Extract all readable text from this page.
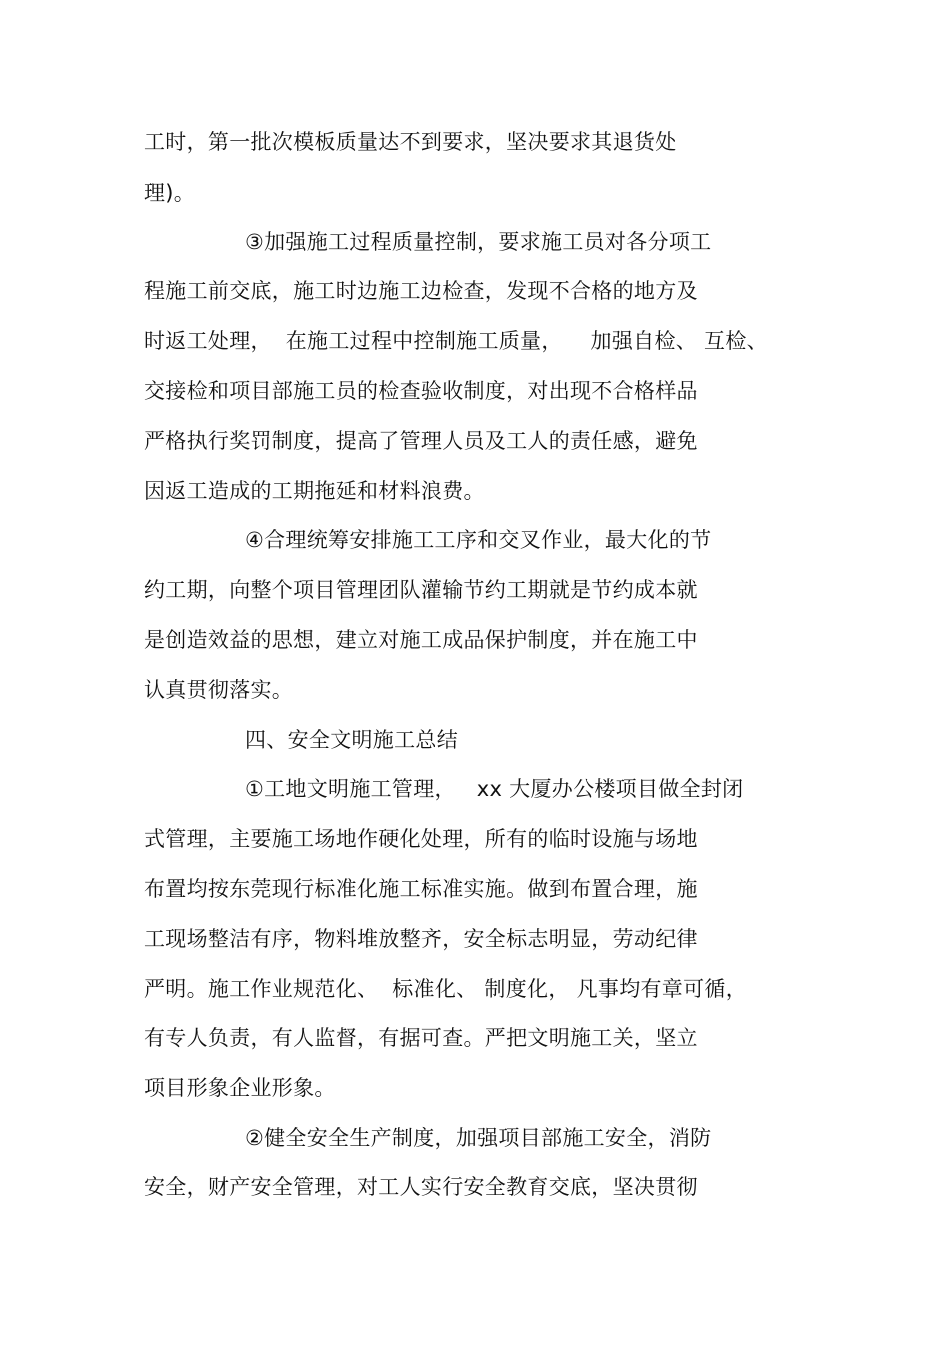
工时，第一批次模板质量达不到要求，坚决要求其退货处
理)。
③加强施工过程质量控制，要求施工员对各分项工
程施工前交底，施工时边施工边检查，发现不合格的地方及
时返工处理，  在施工过程中控制施工质量，    加强自检、 互检、
交接检和项目部施工员的检查验收制度，对出现不合格样品
严格执行奖罚制度，提高了管理人员及工人的责任感，避免
因返工造成的工期拖延和材料浪费。
④合理统筹安排施工工序和交叉作业，最大化的节
约工期，向整个项目管理团队灌输节约工期就是节约成本就
是创造效益的思想，建立对施工成品保护制度，并在施工中
认真贯彻落实。
四、安全文明施工总结
①工地文明施工管理，   xx 大厦办公楼项目做全封闭
式管理，主要施工场地作硬化处理，所有的临时设施与场地
布置均按东莞现行标准化施工标准实施。做到布置合理，施
工现场整洁有序，物料堆放整齐，安全标志明显，劳动纪律
严明。施工作业规范化、  标准化、 制度化， 凡事均有章可循，
有专人负责，有人监督，有据可查。严把文明施工关，坚立
项目形象企业形象。
②健全安全生产制度，加强项目部施工安全，消防
安全，财产安全管理，对工人实行安全教育交底，坚决贯彻
